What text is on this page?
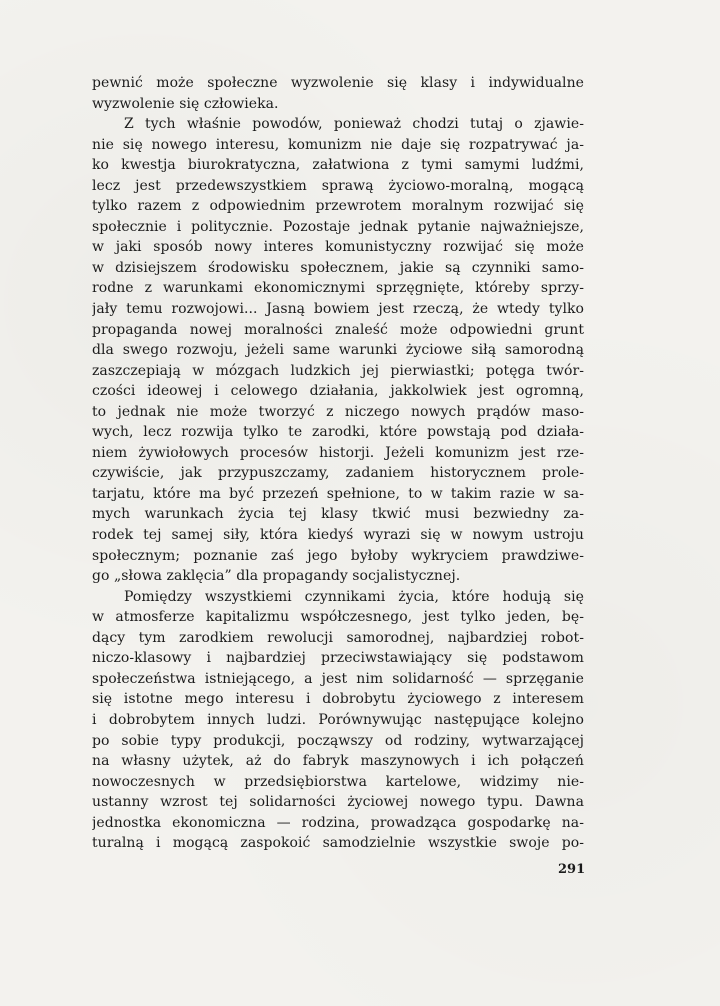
pewnić może społeczne wyzwolenie się klasy i indywidualne
wyzwolenie się człowieka.
Z tych właśnie powodów, ponieważ chodzi tutaj o zjawie-
nie się nowego interesu, komunizm nie daje się rozpatrywać ja-
ko kwestja biurokratyczna, załatwiona z tymi samymi ludźmi,
lecz jest przedewszystkiem sprawą życiowo-moralną, mogącą
tylko razem z odpowiednim przewrotem moralnym rozwijać się
społecznie i politycznie. Pozostaje jednak pytanie najważniejsze,
w jaki sposób nowy interes komunistyczny rozwijać się może
w dzisiejszem środowisku społecznem, jakie są czynniki samo-
rodne z warunkami ekonomicznymi sprzęgnięte, któreby sprzy-
jały temu rozwojowi... Jasną bowiem jest rzeczą, że wtedy tylko
propaganda nowej moralności znaleść może odpowiedni grunt
dla swego rozwoju, jeżeli same warunki życiowe siłą samorodną
zaszczepiają w mózgach ludzkich jej pierwiastki; potęga twór-
czości ideowej i celowego działania, jakkolwiek jest ogromną,
to jednak nie może tworzyć z niczego nowych prądów maso-
wych, lecz rozwija tylko te zarodki, które powstają pod działa-
niem żywiołowych procesów historji. Jeżeli komunizm jest rze-
czywiście, jak przypuszczamy, zadaniem historycznem prole-
tarjatu, które ma być przezeń spełnione, to w takim razie w sa-
mych warunkach życia tej klasy tkwić musi bezwiedny za-
rodek tej samej siły, która kiedyś wyrazi się w nowym ustroju
społecznym; poznanie zaś jego byłoby wykryciem prawdziwe-
go „słowa zaklęcia” dla propagandy socjalistycznej.
Pomiędzy wszystkiemi czynnikami życia, które hodują się
w atmosferze kapitalizmu współczesnego, jest tylko jeden, bę-
dący tym zarodkiem rewolucji samorodnej, najbardziej robot-
niczo-klasowy i najbardziej przeciwstawiający się podstawom
społeczeństwa istniejącego, a jest nim solidarność — sprzęganie
się istotne mego interesu i dobrobytu życiowego z interesem
i dobrobytem innych ludzi. Porównywując następujące kolejno
po sobie typy produkcji, począwszy od rodziny, wytwarzającej
na własny użytek, aż do fabryk maszynowych i ich połączeń
nowoczesnych w przedsiębiorstwa kartelowe, widzimy nie-
ustanny wzrost tej solidarności życiowej nowego typu. Dawna
jednostka ekonomiczna — rodzina, prowadząca gospodarkę na-
turalną i mogącą zaspokoić samodzielnie wszystkie swoje po-
291
